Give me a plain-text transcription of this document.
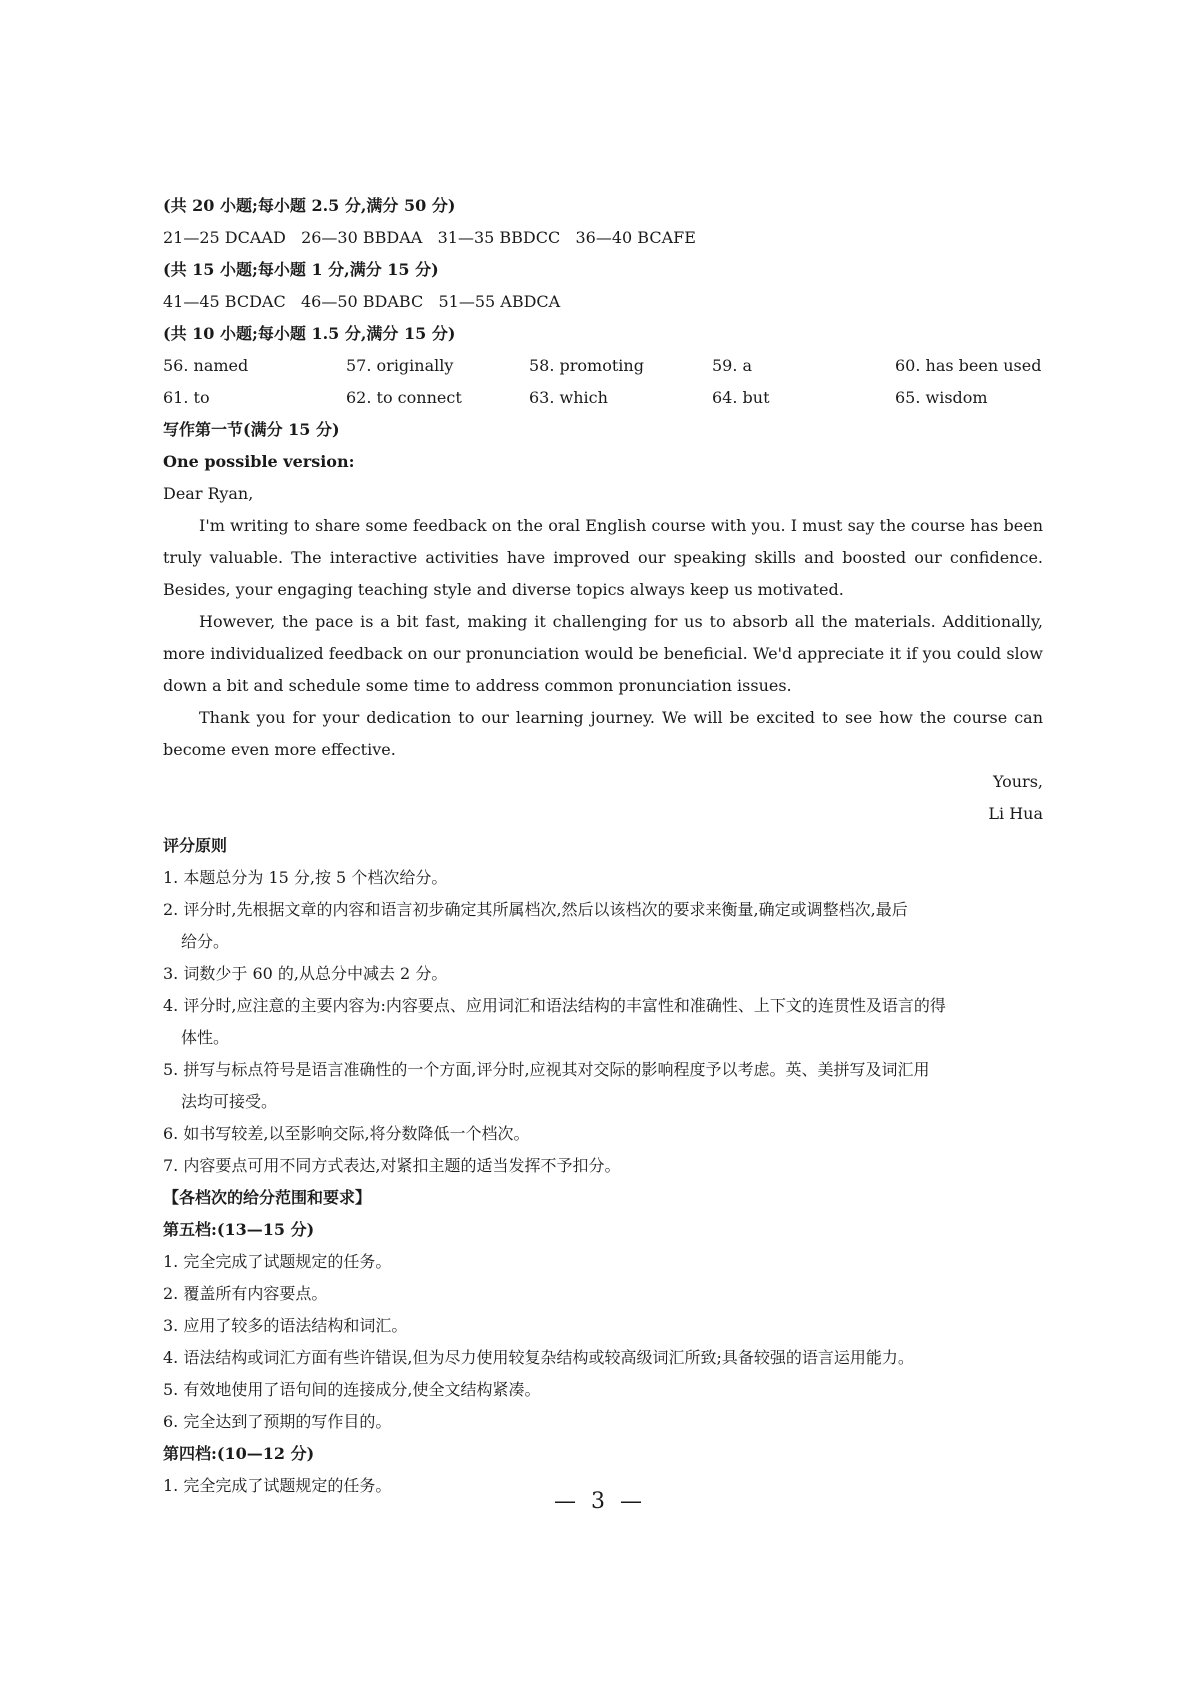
(共 20 小题;每小题 2.5 分,满分 50 分)
21—25 DCAAD   26—30 BBDAA   31—35 BBDCC   36—40 BCAFE
(共 15 小题;每小题 1 分,满分 15 分)
41—45 BCDAC   46—50 BDABC   51—55 ABDCA
(共 10 小题;每小题 1.5 分,满分 15 分)
56. named	57. originally	58. promoting	59. a	60. has been used
61. to	62. to connect	63. which	64. but	65. wisdom
写作第一节(满分 15 分)
One possible version:
Dear Ryan,

I'm writing to share some feedback on the oral English course with you. I must say the course has been truly valuable. The interactive activities have improved our speaking skills and boosted our confidence. Besides, your engaging teaching style and diverse topics always keep us motivated.

However, the pace is a bit fast, making it challenging for us to absorb all the materials. Additionally, more individualized feedback on our pronunciation would be beneficial. We'd appreciate it if you could slow down a bit and schedule some time to address common pronunciation issues.

Thank you for your dedication to our learning journey. We will be excited to see how the course can become even more effective.

Yours,
Li Hua
评分原则
1. 本题总分为 15 分,按 5 个档次给分。
2. 评分时,先根据文章的内容和语言初步确定其所属档次,然后以该档次的要求来衡量,确定或调整档次,最后
给分。
3. 词数少于 60 的,从总分中减去 2 分。
4. 评分时,应注意的主要内容为:内容要点、应用词汇和语法结构的丰富性和准确性、上下文的连贯性及语言的得
体性。
5. 拼写与标点符号是语言准确性的一个方面,评分时,应视其对交际的影响程度予以考虑。英、美拼写及词汇用
法均可接受。
6. 如书写较差,以至影响交际,将分数降低一个档次。
7. 内容要点可用不同方式表达,对紧扣主题的适当发挥不予扣分。
【各档次的给分范围和要求】
第五档:(13—15 分)
1. 完全完成了试题规定的任务。
2. 覆盖所有内容要点。
3. 应用了较多的语法结构和词汇。
4. 语法结构或词汇方面有些许错误,但为尽力使用较复杂结构或较高级词汇所致;具备较强的语言运用能力。
5. 有效地使用了语句间的连接成分,使全文结构紧凑。
6. 完全达到了预期的写作目的。
第四档:(10—12 分)
1. 完全完成了试题规定的任务。
— 3 —
